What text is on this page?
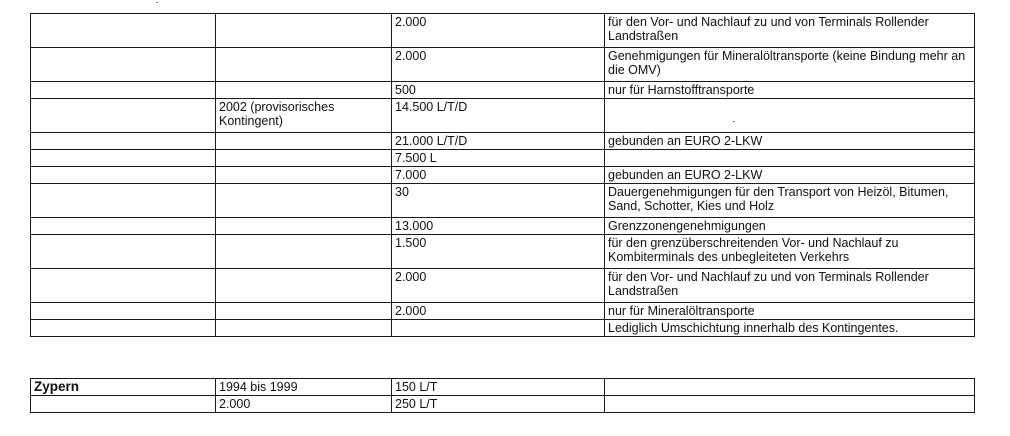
		2.000	für den Vor- und Nachlauf zu und von Terminals Rollender Landstraßen
		2.000	Genehmigungen für Mineralöltransporte (keine Bindung mehr an die OMV)
		500	nur für Harnstofftransporte
	2002 (provisorisches Kontingent)	14.500 L/T/D	
		21.000 L/T/D	gebunden an EURO 2-LKW
		7.500 L	
		7.000	gebunden an EURO 2-LKW
		30	Dauergenehmigungen für den Transport von Heizöl, Bitumen, Sand, Schotter, Kies und Holz
		13.000	Grenzzonengenehmigungen
		1.500	für den grenzüberschreitenden Vor- und Nachlauf zu Kombiterminals des unbegleiteten Verkehrs
		2.000	für den Vor- und Nachlauf zu und von Terminals Rollender Landstraßen
		2.000	nur für Mineralöltransporte
			Lediglich Umschichtung innerhalb des Kontingentes.
Zypern	1994 bis 1999	150 L/T	
	2.000	250 L/T	
